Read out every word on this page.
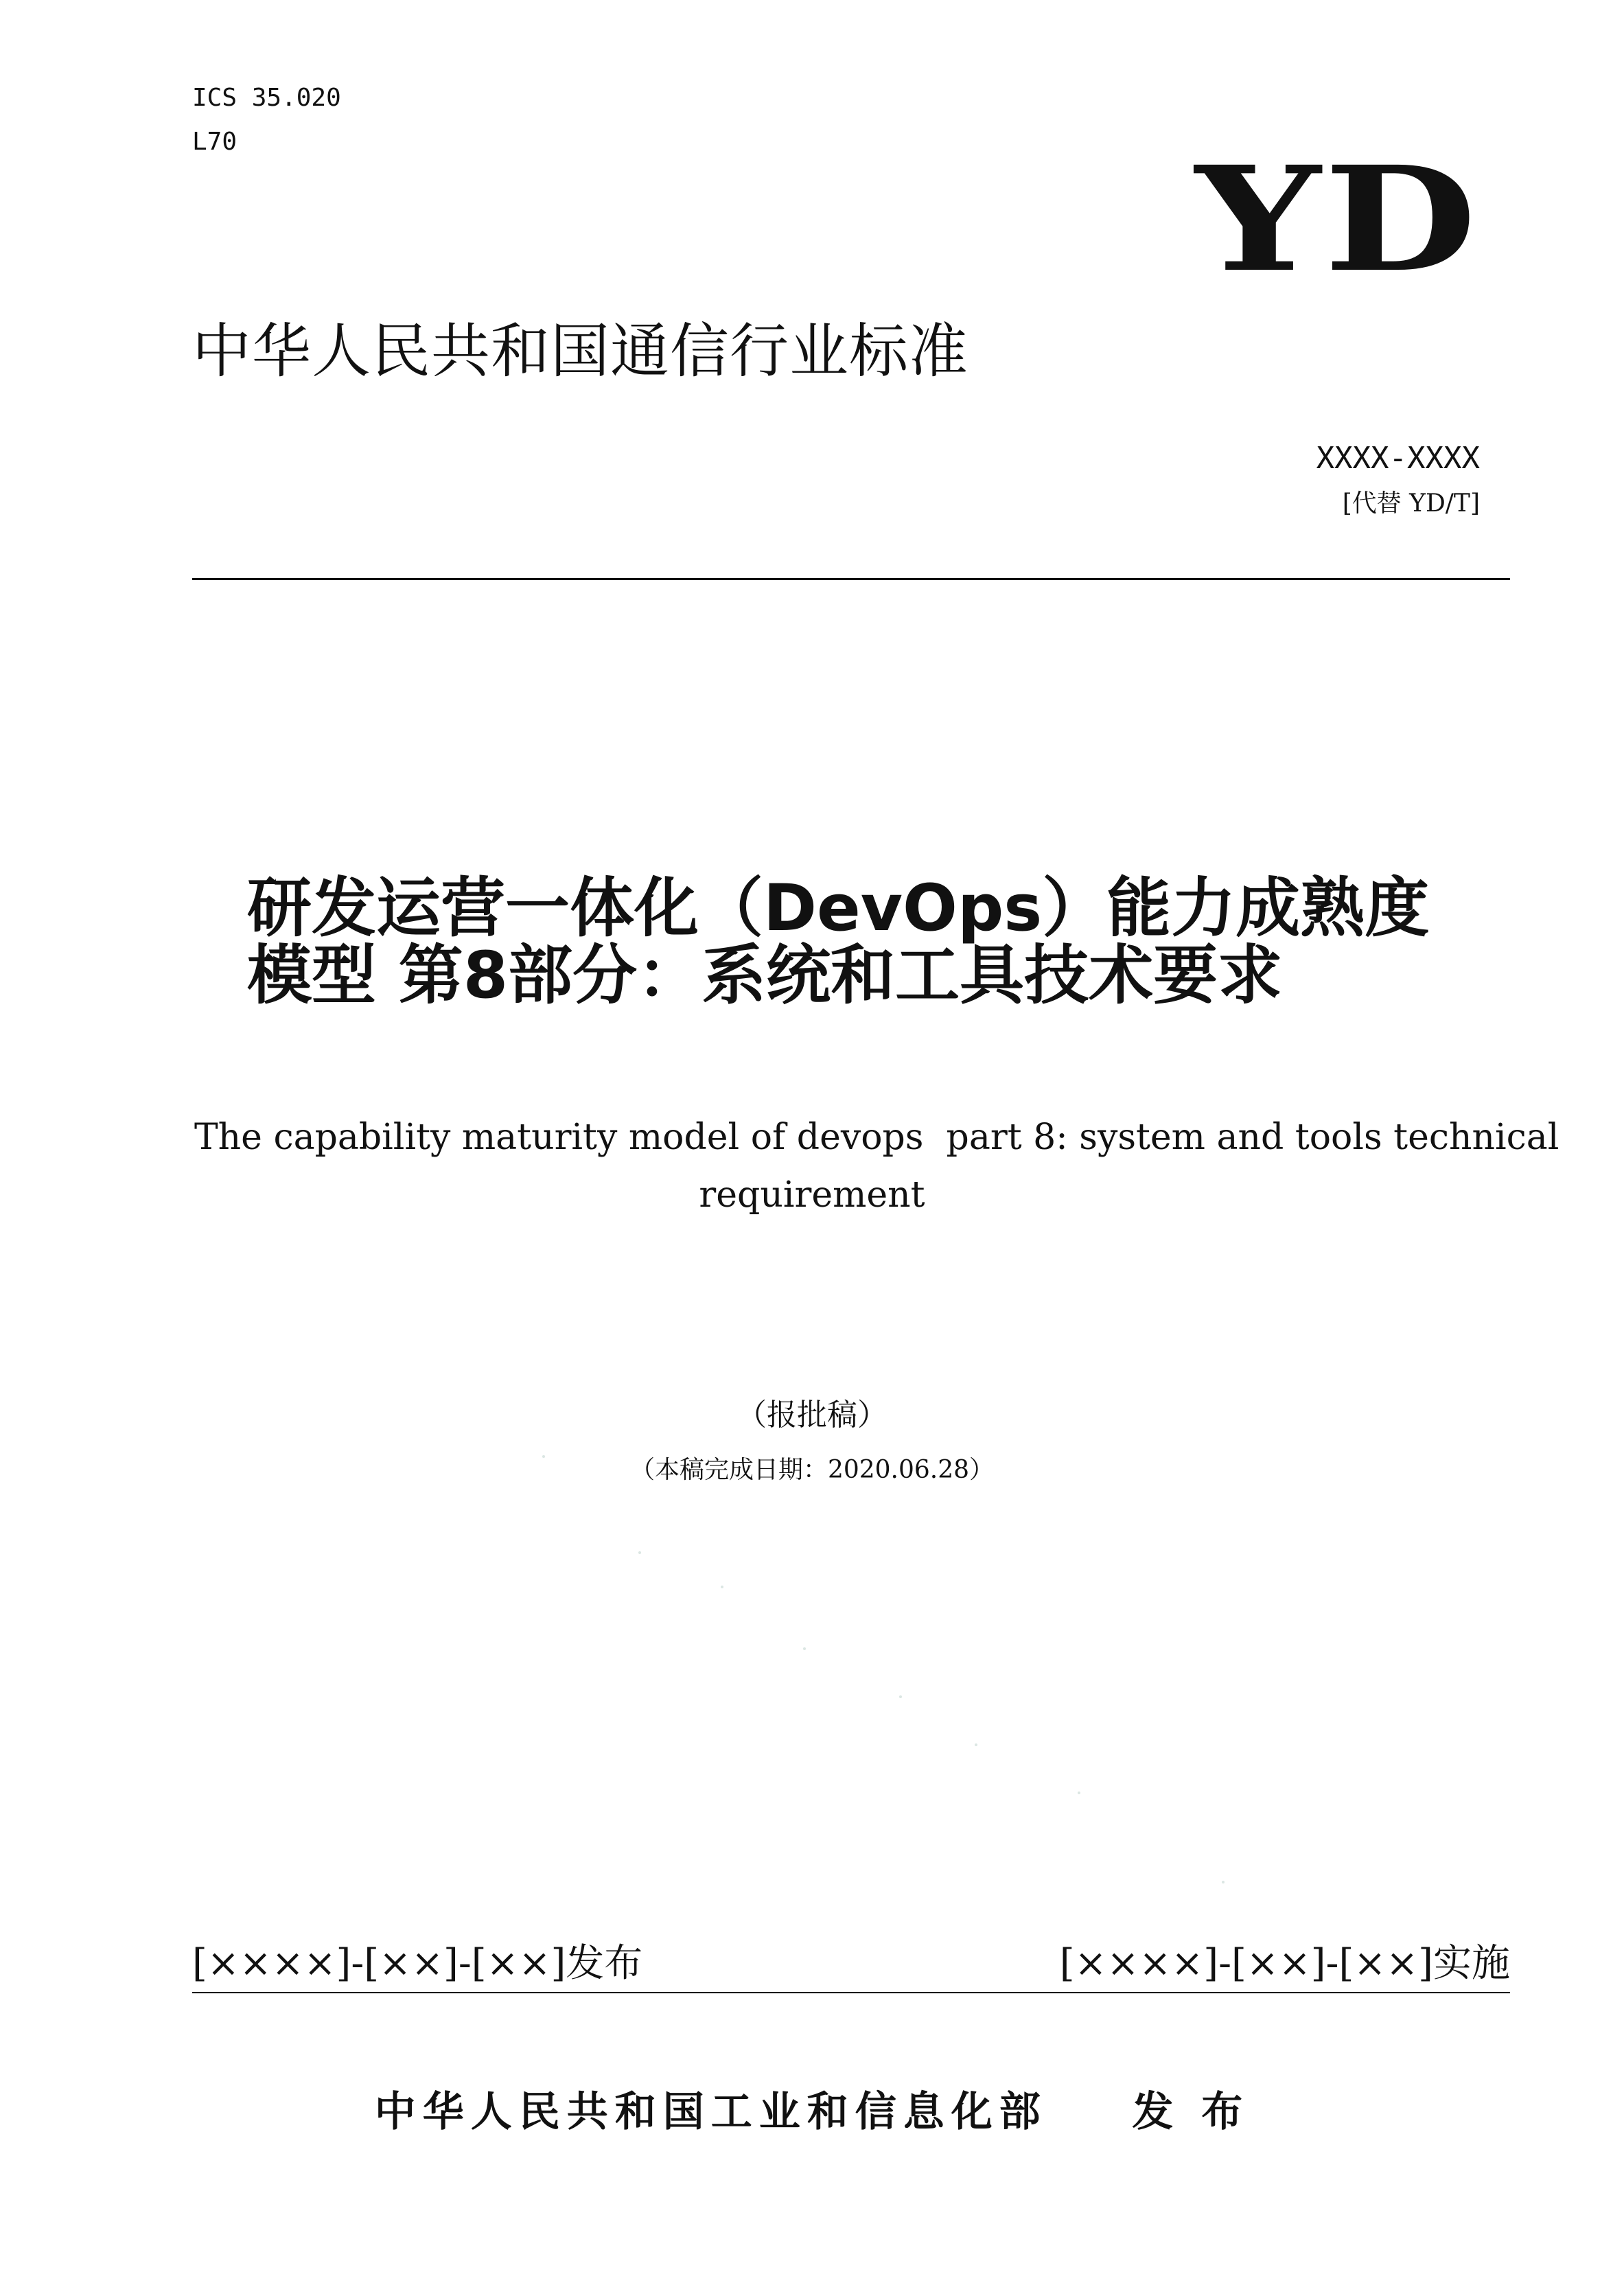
ICS 35.020
L70	YD
中华人民共和国通信行业标准
XXXX-XXXX
[代替 YD/T]
研发运营一体化（DevOps）能力成熟度
模型 第8部分：系统和工具技术要求
The capability maturity model of devops  part 8: system and tools technical
requirement
（报批稿）
（本稿完成日期：2020.06.28）
[××××]-[××]-[××]发布	[××××]-[××]-[××]实施
中华人民共和国工业和信息化部    发 布
